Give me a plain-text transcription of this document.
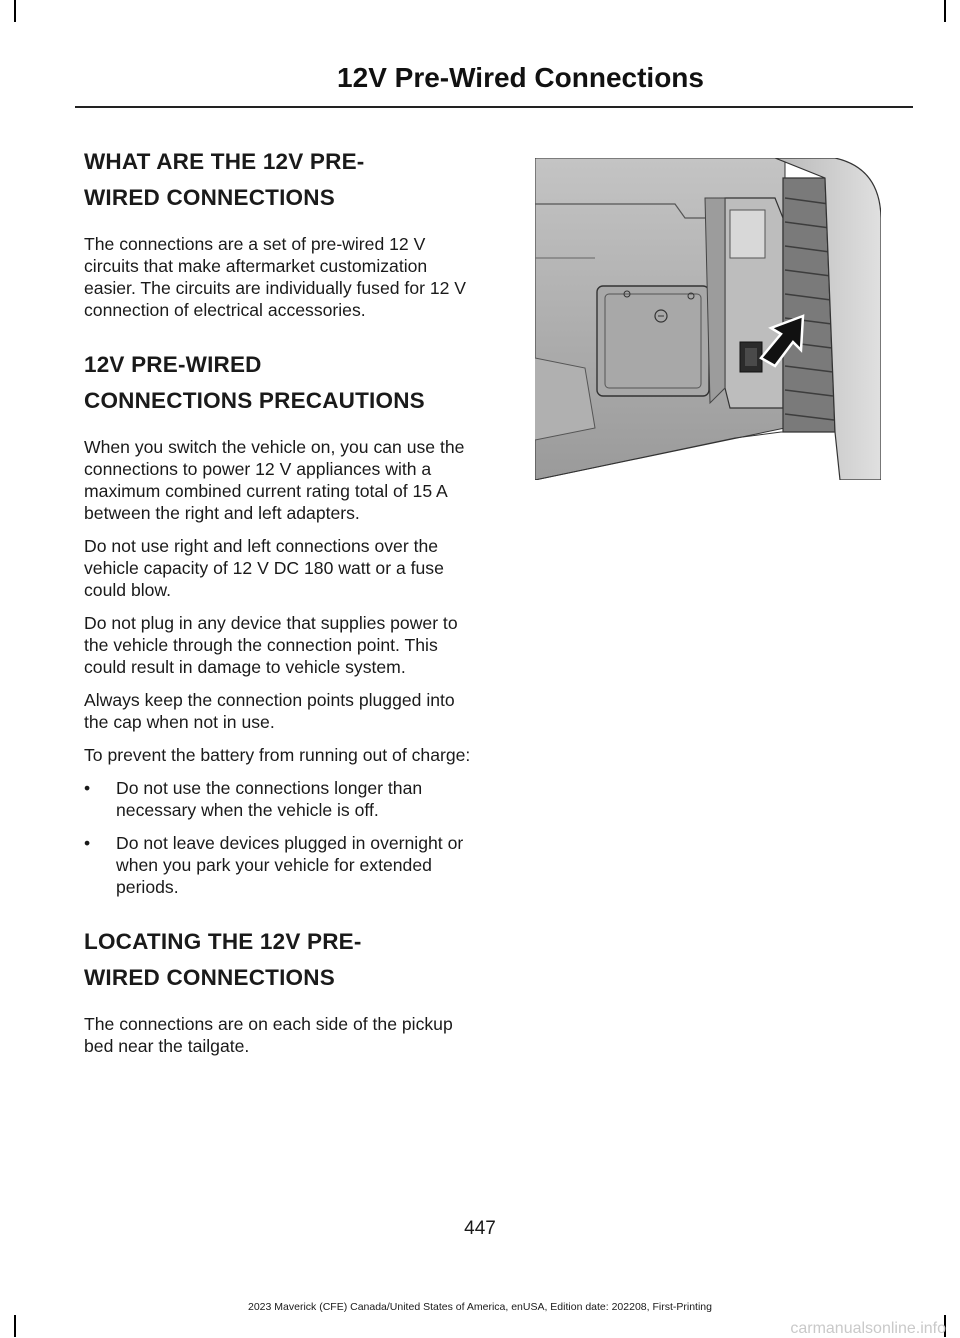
12V Pre-Wired Connections
WHAT ARE THE 12V PRE-
WIRED CONNECTIONS

The connections are a set of pre-wired 12 V circuits that make aftermarket customization easier. The circuits are individually fused for 12 V connection of electrical accessories.

12V PRE-WIRED
CONNECTIONS PRECAUTIONS

When you switch the vehicle on, you can use the connections to power 12 V appliances with a maximum combined current rating total of 15 A between the right and left adapters.

Do not use right and left connections over the vehicle capacity of 12 V DC 180 watt or a fuse could blow.

Do not plug in any device that supplies power to the vehicle through the connection point. This could result in damage to vehicle system.

Always keep the connection points plugged into the cap when not in use.

To prevent the battery from running out of charge:

• Do not use the connections longer than necessary when the vehicle is off.
• Do not leave devices plugged in overnight or when you park your vehicle for extended periods.
LOCATING THE 12V PRE-
WIRED CONNECTIONS

The connections are on each side of the pickup bed near the tailgate.

447
2023 Maverick (CFE) Canada/United States of America, enUSA, Edition date: 202208, First-Printing
carmanualsonline.info
